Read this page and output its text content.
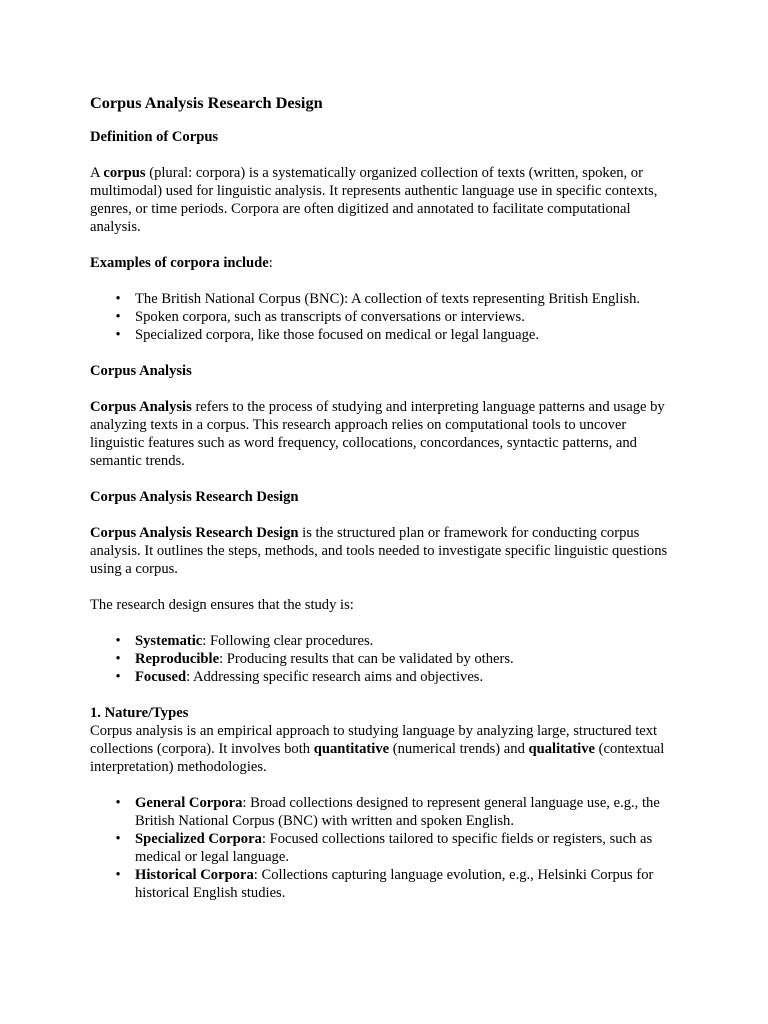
Corpus Analysis Research Design
Definition of Corpus

A corpus (plural: corpora) is a systematically organized collection of texts (written, spoken, or multimodal) used for linguistic analysis. It represents authentic language use in specific contexts, genres, or time periods. Corpora are often digitized and annotated to facilitate computational analysis.

Examples of corpora include:

• The British National Corpus (BNC): A collection of texts representing British English.
• Spoken corpora, such as transcripts of conversations or interviews.
• Specialized corpora, like those focused on medical or legal language.
Corpus Analysis

Corpus Analysis refers to the process of studying and interpreting language patterns and usage by analyzing texts in a corpus. This research approach relies on computational tools to uncover linguistic features such as word frequency, collocations, concordances, syntactic patterns, and semantic trends.

Corpus Analysis Research Design

Corpus Analysis Research Design is the structured plan or framework for conducting corpus analysis. It outlines the steps, methods, and tools needed to investigate specific linguistic questions using a corpus.

The research design ensures that the study is:

• Systematic: Following clear procedures.
• Reproducible: Producing results that can be validated by others.
• Focused: Addressing specific research aims and objectives.
1. Nature/Types

Corpus analysis is an empirical approach to studying language by analyzing large, structured text collections (corpora). It involves both quantitative (numerical trends) and qualitative (contextual interpretation) methodologies.

• General Corpora: Broad collections designed to represent general language use, e.g., the British National Corpus (BNC) with written and spoken English.
• Specialized Corpora: Focused collections tailored to specific fields or registers, such as medical or legal language.
• Historical Corpora: Collections capturing language evolution, e.g., Helsinki Corpus for historical English studies.
